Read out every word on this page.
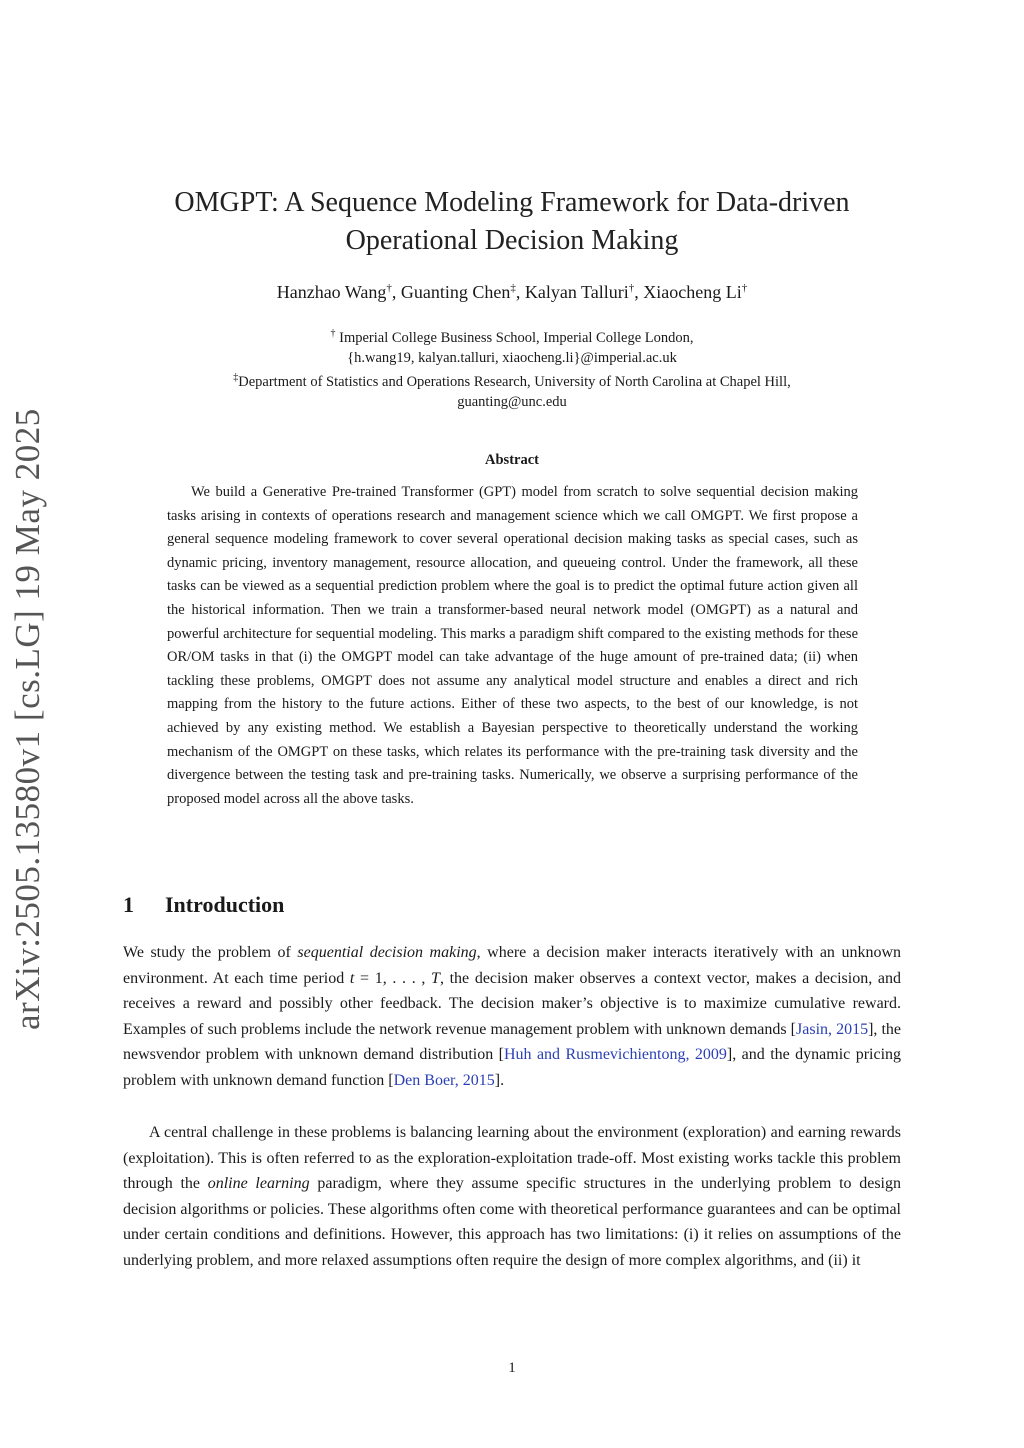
arXiv:2505.13580v1 [cs.LG] 19 May 2025
OMGPT: A Sequence Modeling Framework for Data-driven
Operational Decision Making
Hanzhao Wang†, Guanting Chen‡, Kalyan Talluri†, Xiaocheng Li†
† Imperial College Business School, Imperial College London,
{h.wang19, kalyan.talluri, xiaocheng.li}@imperial.ac.uk
‡Department of Statistics and Operations Research, University of North Carolina at Chapel Hill,
guanting@unc.edu
Abstract
We build a Generative Pre-trained Transformer (GPT) model from scratch to solve sequential decision making tasks arising in contexts of operations research and management science which we call OMGPT. We first propose a general sequence modeling framework to cover several operational decision making tasks as special cases, such as dynamic pricing, inventory management, resource allocation, and queueing control. Under the framework, all these tasks can be viewed as a sequential prediction problem where the goal is to predict the optimal future action given all the historical information. Then we train a transformer-based neural network model (OMGPT) as a natural and powerful architecture for sequential modeling. This marks a paradigm shift compared to the existing methods for these OR/OM tasks in that (i) the OMGPT model can take advantage of the huge amount of pre-trained data; (ii) when tackling these problems, OMGPT does not assume any analytical model structure and enables a direct and rich mapping from the history to the future actions. Either of these two aspects, to the best of our knowledge, is not achieved by any existing method. We establish a Bayesian perspective to theoretically understand the working mechanism of the OMGPT on these tasks, which relates its performance with the pre-training task diversity and the divergence between the testing task and pre-training tasks. Numerically, we observe a surprising performance of the proposed model across all the above tasks.
1 Introduction
We study the problem of sequential decision making, where a decision maker interacts iteratively with an unknown environment. At each time period t = 1, . . . , T, the decision maker observes a context vector, makes a decision, and receives a reward and possibly other feedback. The decision maker’s objective is to maximize cumulative reward. Examples of such problems include the network revenue management problem with unknown demands [Jasin, 2015], the newsvendor problem with unknown demand distribution [Huh and Rusmevichientong, 2009], and the dynamic pricing problem with unknown demand function [Den Boer, 2015].
A central challenge in these problems is balancing learning about the environment (exploration) and earning rewards (exploitation). This is often referred to as the exploration-exploitation trade-off. Most existing works tackle this problem through the online learning paradigm, where they assume specific structures in the underlying problem to design decision algorithms or policies. These algorithms often come with theoretical performance guarantees and can be optimal under certain conditions and definitions. However, this approach has two limitations: (i) it relies on assumptions of the underlying problem, and more relaxed assumptions often require the design of more complex algorithms, and (ii) it
1
